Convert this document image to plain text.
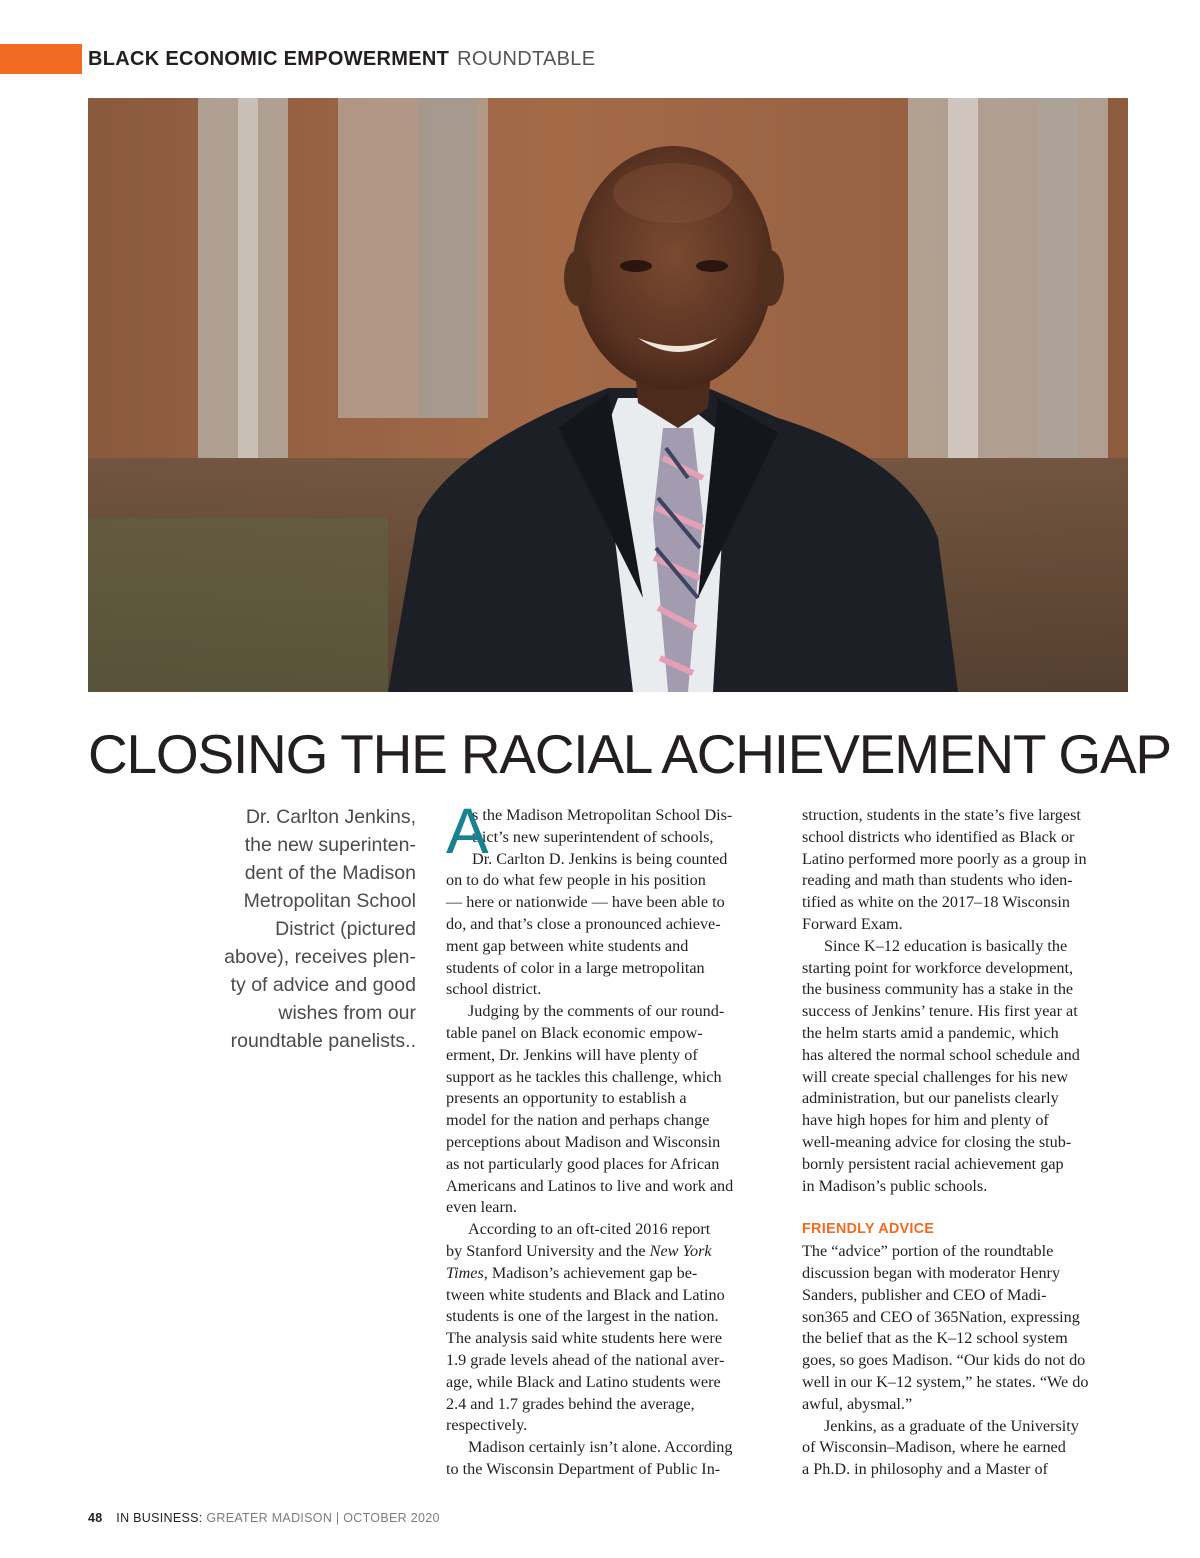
BLACK ECONOMIC EMPOWERMENT ROUNDTABLE
CLOSING THE RACIAL ACHIEVEMENT GAP
Dr. Carlton Jenkins,
the new superinten-
dent of the Madison
Metropolitan School
District (pictured
above), receives plen-
ty of advice and good
wishes from our
roundtable panelists..
A
s the Madison Metropolitan School Dis-
trict’s new superintendent of schools,
Dr. Carlton D. Jenkins is being counted
on to do what few people in his position
— here or nationwide — have been able to
do, and that’s close a pronounced achieve-
ment gap between white students and
students of color in a large metropolitan
school district.
Judging by the comments of our round-
table panel on Black economic empow-
erment, Dr. Jenkins will have plenty of
support as he tackles this challenge, which
presents an opportunity to establish a
model for the nation and perhaps change
perceptions about Madison and Wisconsin
as not particularly good places for African
Americans and Latinos to live and work and
even learn.
According to an oft-cited 2016 report
by Stanford University and the New York
Times, Madison’s achievement gap be-
tween white students and Black and Latino
students is one of the largest in the nation.
The analysis said white students here were
1.9 grade levels ahead of the national aver-
age, while Black and Latino students were
2.4 and 1.7 grades behind the average,
respectively.
Madison certainly isn’t alone. According
to the Wisconsin Department of Public In-
struction, students in the state’s five largest
school districts who identified as Black or
Latino performed more poorly as a group in
reading and math than students who iden-
tified as white on the 2017–18 Wisconsin
Forward Exam.
Since K–12 education is basically the
starting point for workforce development,
the business community has a stake in the
success of Jenkins’ tenure. His first year at
the helm starts amid a pandemic, which
has altered the normal school schedule and
will create special challenges for his new
administration, but our panelists clearly
have high hopes for him and plenty of
well-meaning advice for closing the stub-
bornly persistent racial achievement gap
in Madison’s public schools.
FRIENDLY ADVICE
The “advice” portion of the roundtable
discussion began with moderator Henry
Sanders, publisher and CEO of Madi-
son365 and CEO of 365Nation, expressing
the belief that as the K–12 school system
goes, so goes Madison. “Our kids do not do
well in our K–12 system,” he states. “We do
awful, abysmal.”
Jenkins, as a graduate of the University
of Wisconsin–Madison, where he earned
a Ph.D. in philosophy and a Master of
48 IN BUSINESS: GREATER MADISON | OCTOBER 2020
